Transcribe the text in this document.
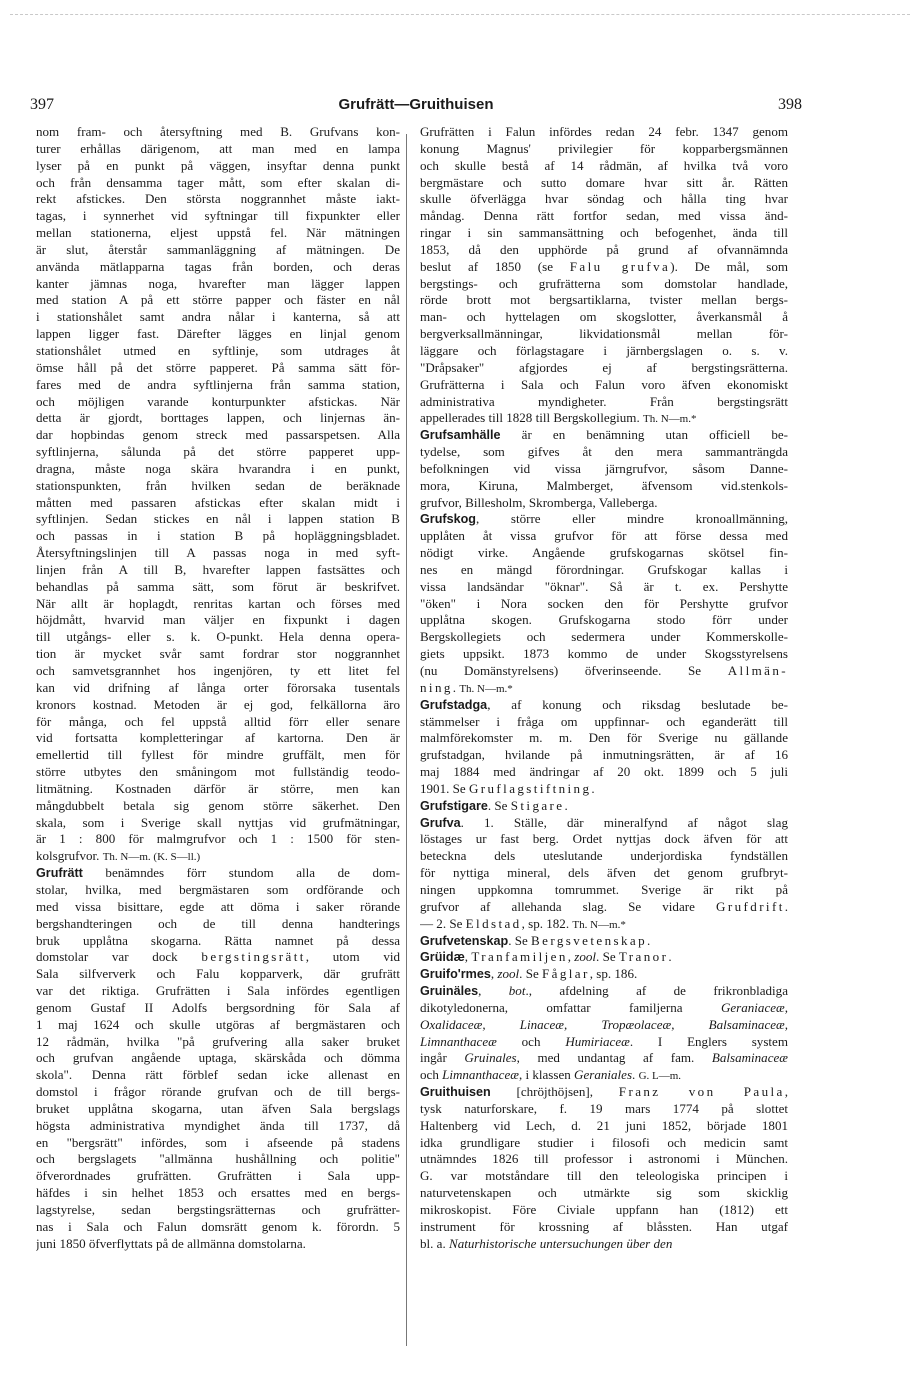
397	Grufrätt—Gruithuisen	398
nom fram- och återsyftning med B. Grufvans kon-
turer erhållas därigenom, att man med en lampa
lyser på en punkt på väggen, insyftar denna punkt
och från densamma tager mått, som efter skalan di-
rekt afstickes. Den största noggrannhet måste iakt-
tagas, i synnerhet vid syftningar till fixpunkter eller
mellan stationerna, eljest uppstå fel. När mätningen
är slut, återstår sammanläggning af mätningen. De
använda mätlapparna tagas från borden, och deras
kanter jämnas noga, hvarefter man lägger lappen
med station A på ett större papper och fäster en nål
i stationshålet samt andra nålar i kanterna, så att
lappen ligger fast. Därefter lägges en linjal genom
stationshålet utmed en syftlinje, som utdrages åt
ömse håll på det större papperet. På samma sätt för-
fares med de andra syftlinjerna från samma station,
och möjligen varande konturpunkter afstickas. När
detta är gjordt, borttages lappen, och linjernas än-
dar hopbindas genom streck med passarspetsen. Alla
syftlinjerna, sålunda på det större papperet upp-
dragna, måste noga skära hvarandra i en punkt,
stationspunkten, från hvilken sedan de beräknade
måtten med passaren afstickas efter skalan midt i
syftlinjen. Sedan stickes en nål i lappen station B
och passas in i station B på hopläggningsbladet.
Återsyftningslinjen till A passas noga in med syft-
linjen från A till B, hvarefter lappen fastsättes och
behandlas på samma sätt, som förut är beskrifvet.
När allt är hoplagdt, renritas kartan och förses med
höjdmått, hvarvid man väljer en fixpunkt i dagen
till utgångs- eller s. k. O-punkt. Hela denna opera-
tion är mycket svår samt fordrar stor noggrannhet
och samvetsgrannhet hos ingenjören, ty ett litet fel
kan vid drifning af långa orter förorsaka tusentals
kronors kostnad. Metoden är ej god, felkällorna äro
för många, och fel uppstå alltid förr eller senare
vid fortsatta kompletteringar af kartorna. Den är
emellertid till fyllest för mindre gruffält, men för
större utbytes den småningom mot fullständig teodo-
litmätning. Kostnaden därför är större, men kan
mångdubbelt betala sig genom större säkerhet. Den
skala, som i Sverige skall nyttjas vid grufmätningar,
är 1 : 800 för malmgrufvor och 1 : 1500 för sten-
kolsgrufvor. Th. N—m. (K. S—ll.)
Grufrätt benämndes förr stundom alla de dom-
stolar, hvilka, med bergmästaren som ordförande och
med vissa bisittare, egde att döma i saker rörande
bergshandteringen och de till denna handterings
bruk upplåtna skogarna. Rätta namnet på dessa
domstolar var dock bergstingsrätt, utom vid
Sala silfververk och Falu kopparverk, där grufrätt
var det riktiga. Grufrätten i Sala infördes egentligen
genom Gustaf II Adolfs bergsordning för Sala af
1 maj 1624 och skulle utgöras af bergmästaren och
12 rådmän, hvilka "på grufvering alla saker bruket
och grufvan angående uptaga, skärskåda och dömma
skola". Denna rätt förblef sedan icke allenast en
domstol i frågor rörande grufvan och de till bergs-
bruket upplåtna skogarna, utan äfven Sala bergslags
högsta administrativa myndighet ända till 1737, då
en "bergsrätt" infördes, som i afseende på stadens
och bergslagets "allmänna hushållning och politie"
öfverordnades grufrätten. Grufrätten i Sala upp-
häfdes i sin helhet 1853 och ersattes med en bergs-
lagstyrelse, sedan bergstingsrätternas och grufrätter-
nas i Sala och Falun domsrätt genom k. förordn. 5
juni 1850 öfverflyttats på de allmänna domstolarna.
Grufrätten i Falun infördes redan 24 febr. 1347 genom
konung Magnus' privilegier för kopparbergsmännen
och skulle bestå af 14 rådmän, af hvilka två voro
bergmästare och sutto domare hvar sitt år. Rätten
skulle öfverlägga hvar söndag och hålla ting hvar
måndag. Denna rätt fortfor sedan, med vissa änd-
ringar i sin sammansättning och befogenhet, ända till
1853, då den upphörde på grund af ofvannämnda
beslut af 1850 (se Falu grufva). De mål, som
bergstings- och grufrätterna som domstolar handlade,
rörde brott mot bergsartiklarna, tvister mellan bergs-
man- och hyttelagen om skogslotter, åverkansmål å
bergverksallmänningar, likvidationsmål mellan för-
läggare och förlagstagare i järnbergslagen o. s. v.
"Dråpsaker" afgjordes ej af bergstingsrätterna.
Grufrätterna i Sala och Falun voro äfven ekonomiskt
administrativa myndigheter. Från bergstingsrätt
appellerades till 1828 till Bergskollegium. Th. N—m.*
Grufsamhälle är en benämning utan officiell be-
tydelse, som gifves åt den mera sammanträngda
befolkningen vid vissa järngrufvor, såsom Danne-
mora, Kiruna, Malmberget, äfvensom vid.stenkols-
grufvor, Billesholm, Skromberga, Valleberga.
Grufskog, större eller mindre kronoallmänning,
upplåten åt vissa grufvor för att förse dessa med
nödigt virke. Angående grufskogarnas skötsel fin-
nes en mängd förordningar. Grufskogar kallas i
vissa landsändar "öknar". Så är t. ex. Pershytte
"öken" i Nora socken den för Pershytte grufvor
upplåtna skogen. Grufskogarna stodo förr under
Bergskollegiets och sedermera under Kommerskolle-
giets uppsikt. 1873 kommo de under Skogsstyrelsens
(nu Domänstyrelsens) öfverinseende. Se Allmän-
ning. Th. N—m.*
Grufstadga, af konung och riksdag beslutade be-
stämmelser i fråga om uppfinnar- och eganderätt till
malmförekomster m. m. Den för Sverige nu gällande
grufstadgan, hvilande på inmutningsrätten, är af 16
maj 1884 med ändringar af 20 okt. 1899 och 5 juli
1901. Se Gruflagstiftning.
Grufstigare. Se Stigare.
Grufva. 1. Ställe, där mineralfynd af något slag
löstages ur fast berg. Ordet nyttjas dock äfven för att
beteckna dels uteslutande underjordiska fyndställen
för nyttiga mineral, dels äfven det genom grufbryt-
ningen uppkomna tomrummet. Sverige är rikt på
grufvor af allehanda slag. Se vidare Grufdrift.
— 2. Se Eldstad, sp. 182. Th. N—m.*
Grufvetenskap. Se Bergsvetenskap.
Grüidæ, Tranfamiljen, zool. Se Tranor.
Gruifo'rmes, zool. Se Fåglar, sp. 186.
Gruinäles, bot., afdelning af de frikronbladiga
dikotyledonerna, omfattar familjerna Geraniaceæ,
Oxalidaceæ, Linaceæ, Tropæolaceæ, Balsaminaceæ,
Limnanthaceæ och Humiriaceæ. I Englers system
ingår Gruinales, med undantag af fam. Balsaminaceæ
och Limnanthaceæ, i klassen Geraniales. G. L—m.
Gruithuisen [chröjthöjsen], Franz von Paula,
tysk naturforskare, f. 19 mars 1774 på slottet
Haltenberg vid Lech, d. 21 juni 1852, började 1801
idka grundligare studier i filosofi och medicin samt
utnämndes 1826 till professor i astronomi i München.
G. var motståndare till den teleologiska principen i
naturvetenskapen och utmärkte sig som skicklig
mikroskopist. Före Civiale uppfann han (1812) ett
instrument för krossning af blåssten. Han utgaf
bl. a. Naturhistorische untersuchungen über den
